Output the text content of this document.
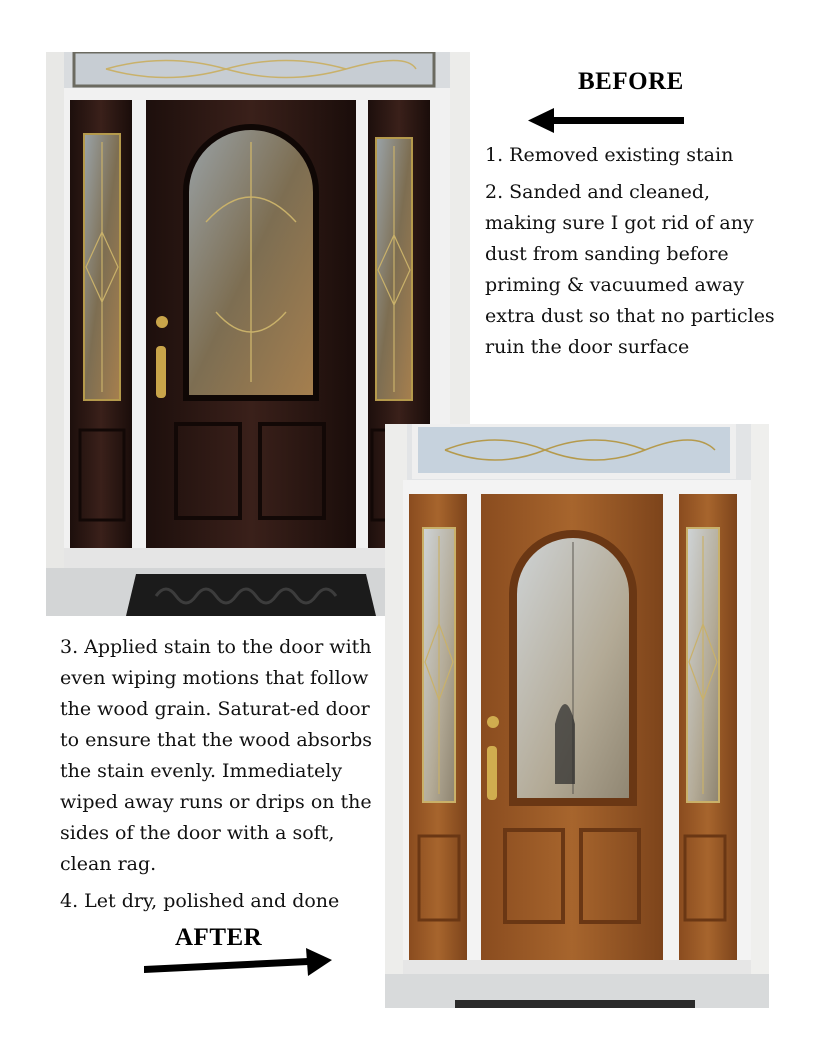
BEFORE
AFTER

1. Removed existing stain

2. Sanded and cleaned, making sure I got rid of any dust from sanding before priming & vacuumed away extra dust so that no particles ruin the door surface

3. Applied stain to the door with even wiping motions that follow the wood grain. Saturat-ed door to ensure that the wood absorbs the stain evenly. Immediately wiped away runs or drips on the sides of the door with a soft, clean rag.

4. Let dry, polished and done
